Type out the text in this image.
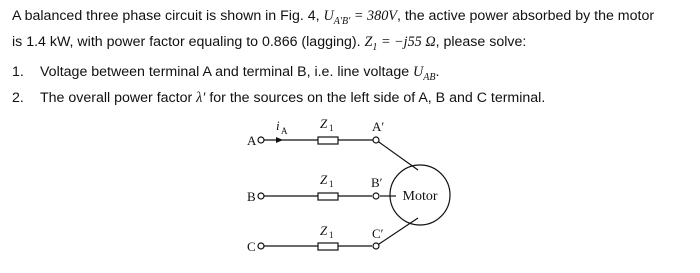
A balanced three phase circuit is shown in Fig. 4, $U_{A'B'} = 380V$, the active power absorbed by the motor
is 1.4 kW, with power factor equaling to 0.866 (lagging). $Z_1 = -j55$ Ω, please solve:
1.	Voltage between terminal A and terminal B, i.e. line voltage $U_{AB}$.
2.	The overall power factor λ′ for the sources on the left side of A, B and C terminal.
A
B
C
i A	Z 1
Z 1
Z 1
A′
B′
C′
Motor
